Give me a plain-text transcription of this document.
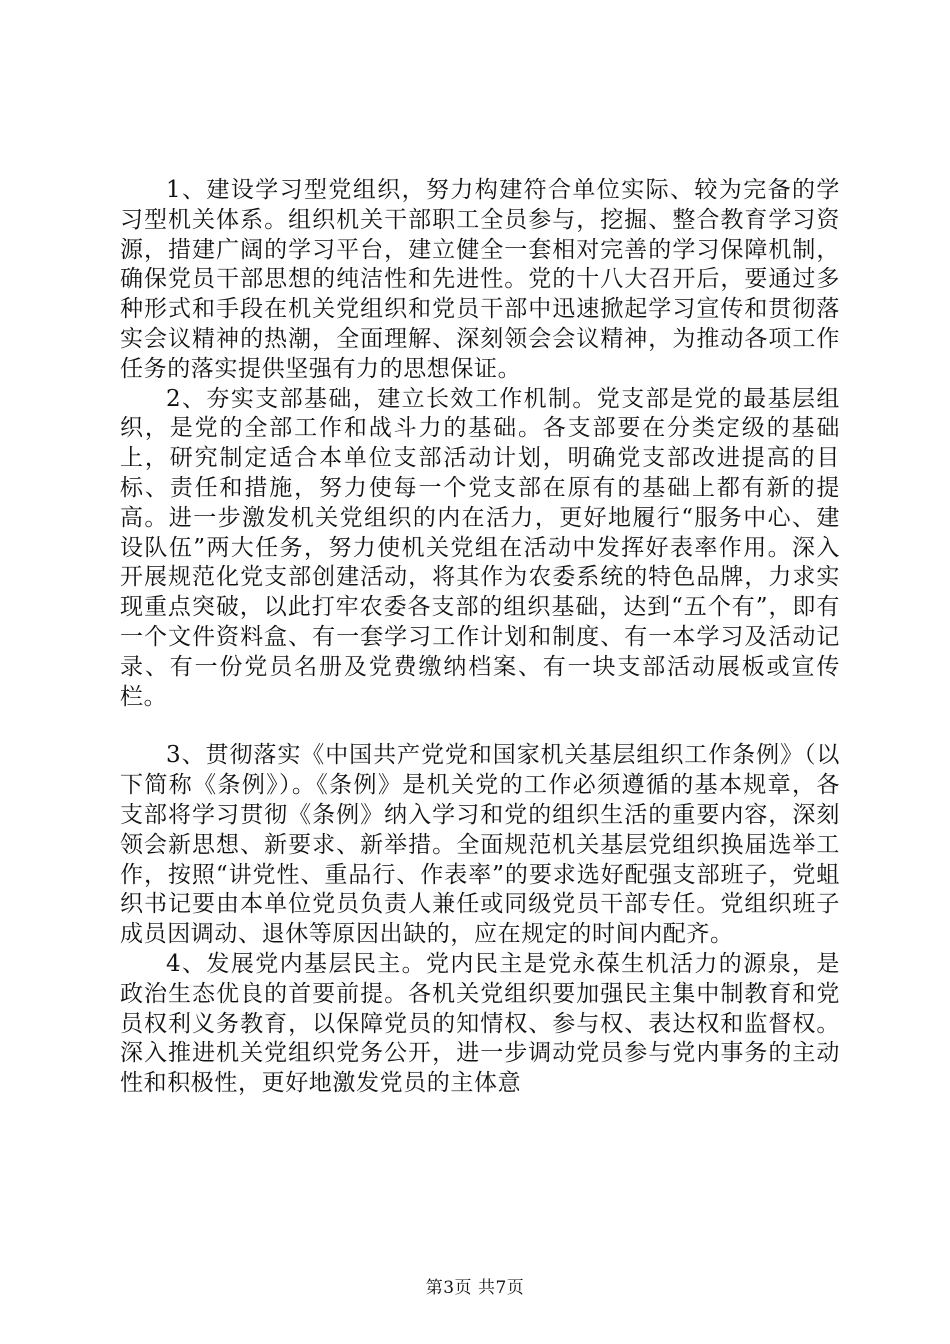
1、建设学习型党组织，努力构建符合单位实际、较为完备的学习型机关体系。组织机关干部职工全员参与，挖掘、整合教育学习资源，措建广阔的学习平台，建立健全一套相对完善的学习保障机制，确保党员干部思想的纯洁性和先进性。党的十八大召开后，要通过多种形式和手段在机关党组织和党员干部中迅速掀起学习宣传和贯彻落实会议精神的热潮，全面理解、深刻领会会议精神，为推动各项工作任务的落实提供坚强有力的思想保证。

2、夯实支部基础，建立长效工作机制。党支部是党的最基层组织，是党的全部工作和战斗力的基础。各支部要在分类定级的基础上，研究制定适合本单位支部活动计划，明确党支部改进提高的目标、责任和措施，努力使每一个党支部在原有的基础上都有新的提高。进一步激发机关党组织的内在活力，更好地履行“服务中心、建设队伍”两大任务，努力使机关党组在活动中发挥好表率作用。深入开展规范化党支部创建活动，将其作为农委系统的特色品牌，力求实现重点突破，以此打牢农委各支部的组织基础，达到“五个有”，即有一个文件资料盒、有一套学习工作计划和制度、有一本学习及活动记录、有一份党员名册及党费缴纳档案、有一块支部活动展板或宣传栏。

3、贯彻落实《中国共产党党和国家机关基层组织工作条例》（以下简称《条例》）。《条例》是机关党的工作必须遵循的基本规章，各支部将学习贯彻《条例》纳入学习和党的组织生活的重要内容，深刻领会新思想、新要求、新举措。全面规范机关基层党组织换届选举工作，按照“讲党性、重品行、作表率”的要求选好配强支部班子，党蛆织书记要由本单位党员负责人兼任或同级党员干部专任。党组织班子成员因调动、退休等原因出缺的，应在规定的时间内配齐。

4、发展党内基层民主。党内民主是党永葆生机活力的源泉，是政治生态优良的首要前提。各机关党组织要加强民主集中制教育和党员权利义务教育，以保障党员的知情权、参与权、表达权和监督权。深入推进机关党组织党务公开，进一步调动党员参与党内事务的主动性和积极性，更好地激发党员的主体意

第3页 共7页
